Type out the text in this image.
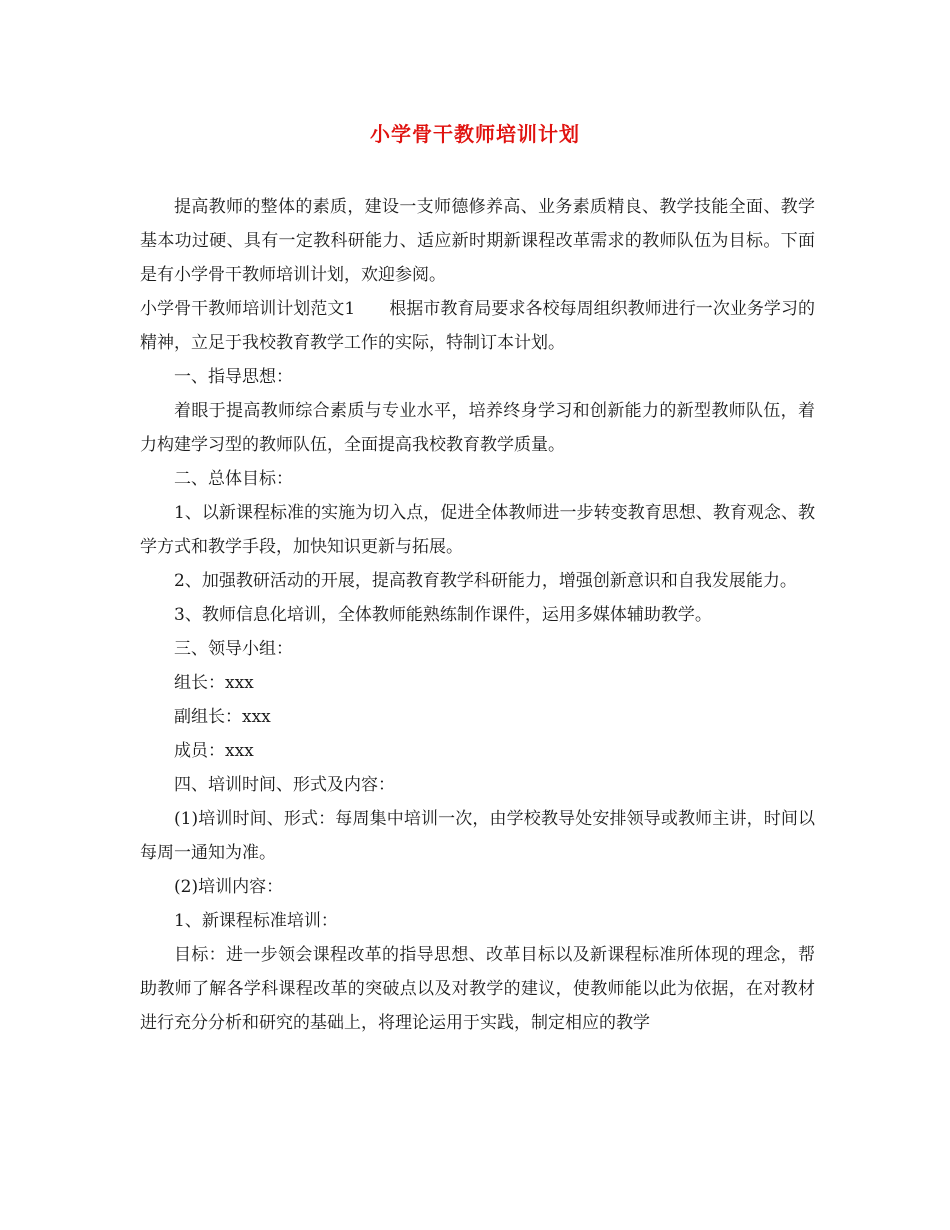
小学骨干教师培训计划

提高教师的整体的素质，建设一支师德修养高、业务素质精良、教学技能全面、教学基本功过硬、具有一定教科研能力、适应新时期新课程改革需求的教师队伍为目标。下面是有小学骨干教师培训计划，欢迎参阅。

小学骨干教师培训计划范文1 根据市教育局要求各校每周组织教师进行一次业务学习的精神，立足于我校教育教学工作的实际，特制订本计划。

一、指导思想：

着眼于提高教师综合素质与专业水平，培养终身学习和创新能力的新型教师队伍，着力构建学习型的教师队伍，全面提高我校教育教学质量。

二、总体目标：

1、以新课程标准的实施为切入点，促进全体教师进一步转变教育思想、教育观念、教学方式和教学手段，加快知识更新与拓展。

2、加强教研活动的开展，提高教育教学科研能力，增强创新意识和自我发展能力。

3、教师信息化培训，全体教师能熟练制作课件，运用多媒体辅助教学。

三、领导小组：

组长：xxx

副组长：xxx

成员：xxx

四、培训时间、形式及内容：

(1)培训时间、形式：每周集中培训一次，由学校教导处安排领导或教师主讲，时间以每周一通知为准。

(2)培训内容：

1、新课程标准培训：

目标：进一步领会课程改革的指导思想、改革目标以及新课程标准所体现的理念，帮助教师了解各学科课程改革的突破点以及对教学的建议，使教师能以此为依据，在对教材进行充分分析和研究的基础上，将理论运用于实践，制定相应的教学
